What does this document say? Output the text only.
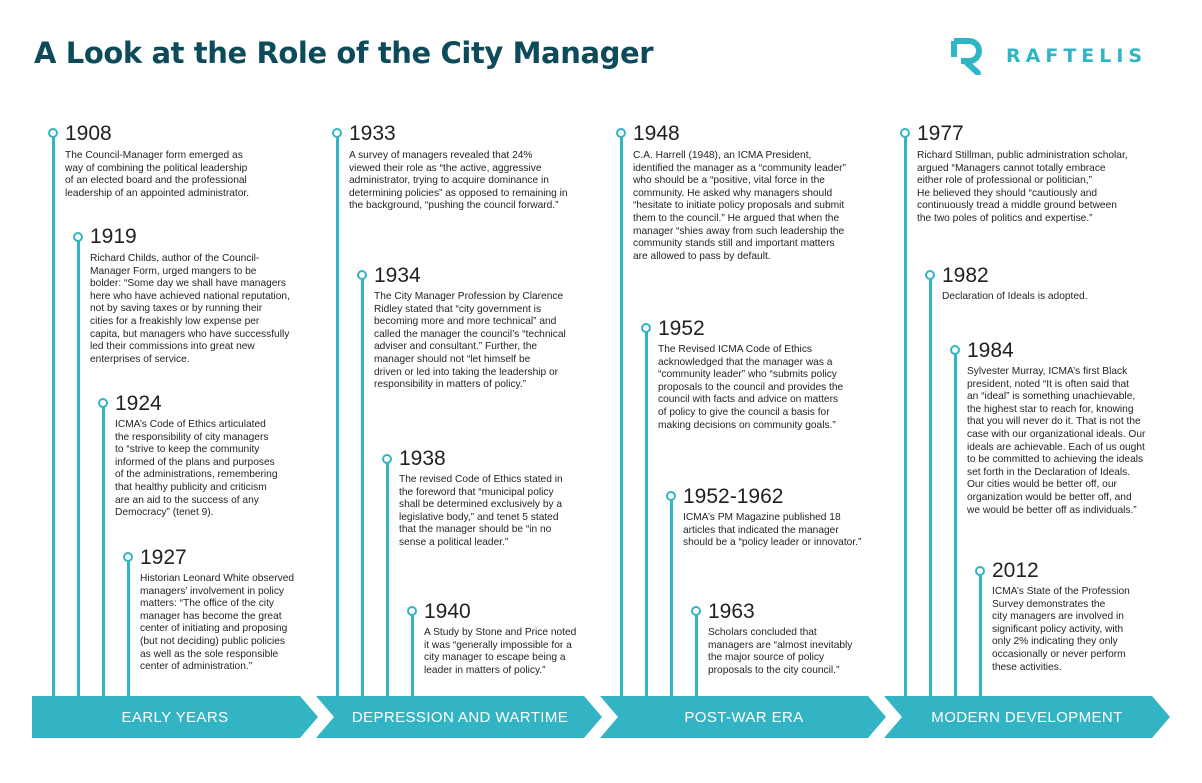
A Look at the Role of the City Manager	RAFTELIS
1908
The Council-Manager form emerged as
way of combining the political leadership
of an elected board and the professional
leadership of an appointed administrator.
1919
Richard Childs, author of the Council-
Manager Form, urged mangers to be
bolder: “Some day we shall have managers
here who have achieved national reputation,
not by saving taxes or by running their
cities for a freakishly low expense per
capita, but managers who have successfully
led their commissions into great new
enterprises of service.
1924
ICMA’s Code of Ethics articulated
the responsibility of city managers
to “strive to keep the community
informed of the plans and purposes
of the administrations, remembering
that healthy publicity and criticism
are an aid to the success of any
Democracy” (tenet 9).
1927
Historian Leonard White observed
managers’ involvement in policy
matters: “The office of the city
manager has become the great
center of initiating and proposing
(but not deciding) public policies
as well as the sole responsible
center of administration.”
1933
A survey of managers revealed that 24%
viewed their role as “the active, aggressive
administrator, trying to acquire dominance in
determining policies” as opposed to remaining in
the background, “pushing the council forward.”
1934
The City Manager Profession by Clarence
Ridley stated that “city government is
becoming more and more technical” and
called the manager the council’s “technical
adviser and consultant.” Further, the
manager should not “let himself be
driven or led into taking the leadership or
responsibility in matters of policy.”
1938
The revised Code of Ethics stated in
the foreword that “municipal policy
shall be determined exclusively by a
legislative body,” and tenet 5 stated
that the manager should be “in no
sense a political leader.”
1940
A Study by Stone and Price noted
it was “generally impossible for a
city manager to escape being a
leader in matters of policy.”
1948
C.A. Harrell (1948), an ICMA President,
identified the manager as a “community leader”
who should be a “positive, vital force in the
community. He asked why managers should
“hesitate to initiate policy proposals and submit
them to the council.” He argued that when the
manager “shies away from such leadership the
community stands still and important matters
are allowed to pass by default.
1952
The Revised ICMA Code of Ethics
acknowledged that the manager was a
“community leader” who “submits policy
proposals to the council and provides the
council with facts and advice on matters
of policy to give the council a basis for
making decisions on community goals.”
1952-1962
ICMA’s PM Magazine published 18
articles that indicated the manager
should be a “policy leader or innovator.”
1963
Scholars concluded that
managers are “almost inevitably
the major source of policy
proposals to the city council.”
1977
Richard Stillman, public administration scholar,
argued “Managers cannot totally embrace
either role of professional or politician,”
He believed they should “cautiously and
continuously tread a middle ground between
the two poles of politics and expertise.”
1982
Declaration of Ideals is adopted.
1984
Sylvester Murray, ICMA’s first Black
president, noted “It is often said that
an “ideal” is something unachievable,
the highest star to reach for, knowing
that you will never do it. That is not the
case with our organizational ideals. Our
ideals are achievable. Each of us ought
to be committed to achieving the ideals
set forth in the Declaration of Ideals.
Our cities would be better off, our
organization would be better off, and
we would be better off as individuals.”
2012
ICMA’s State of the Profession
Survey demonstrates the
city managers are involved in
significant policy activity, with
only 2% indicating they only
occasionally or never perform
these activities.
EARLY YEARS	DEPRESSION AND WARTIME	POST-WAR ERA	MODERN DEVELOPMENT
